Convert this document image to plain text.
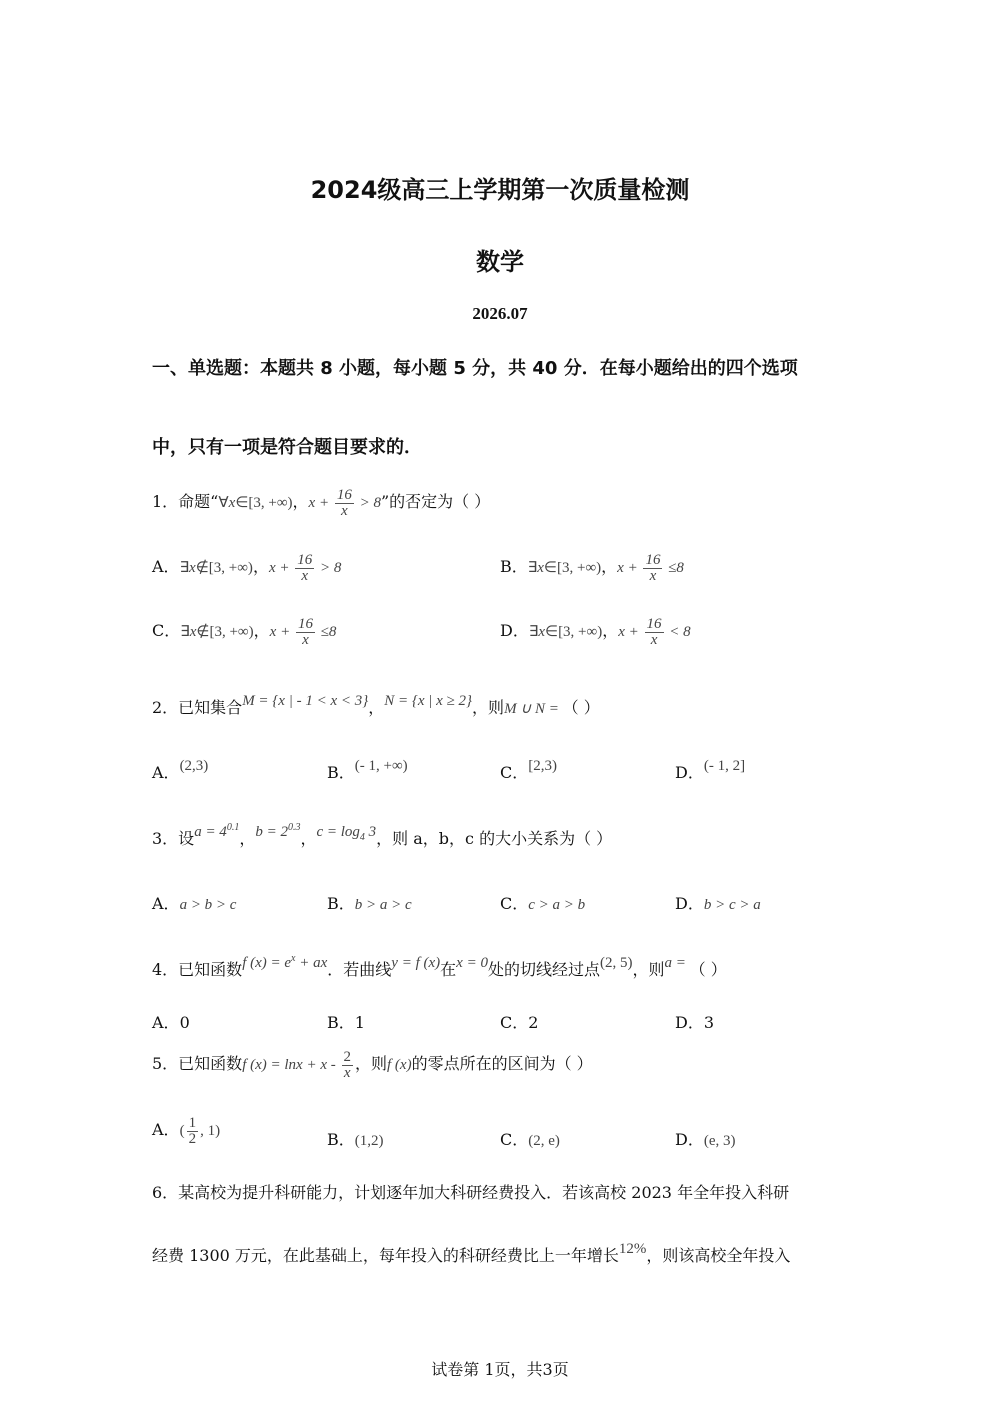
2024级高三上学期第一次质量检测
数学
2026.07
一、单选题：本题共 8 小题，每小题 5 分，共 40 分．在每小题给出的四个选项
中，只有一项是符合题目要求的．
1．命题“∀x∈[3, +∞)，$x + \frac{16}{x} > 8$”的否定为（ ）
A．∃x∉[3, +∞)，$x + \frac{16}{x} > 8$	B．∃x∈[3, +∞)，$x + \frac{16}{x} \le 8$
C．∃x∉[3, +∞)，$x + \frac{16}{x} \le 8$	D．∃x∈[3, +∞)，$x + \frac{16}{x} < 8$
2．已知集合M = {x | - 1 < x < 3}，N = {x | x ≥ 2}，则M ∪ N = （ ）
A．(2,3)	B．(- 1, +∞)	C．[2,3)	D．(- 1, 2]
3．设$a = 4^{0.1}$，$b = 2^{0.3}$，$c = \log_4 3$，则 a，b，c 的大小关系为（ ）
A．a > b > c	B．b > a > c	C．c > a > b	D．b > c > a
4．已知函数f $(x) = e^x$ + ax．若曲线y = f (x)在x = 0处的切线经过点(2, 5)，则a = （ ）
A．0	B．1	C．2	D．3
5．已知函数f $(x) = \ln x + x - \frac{2}{x}$ ，则f (x)的零点所在的区间为（ ）
A．( $\frac{1}{2}$ , 1)	B．(1,2)	C．(2, e)	D．(e, 3)
6．某高校为提升科研能力，计划逐年加大科研经费投入．若该高校 2023 年全年投入科研
经费 1300 万元，在此基础上，每年投入的科研经费比上一年增长12%，则该高校全年投入
试卷第 1页，共3页
